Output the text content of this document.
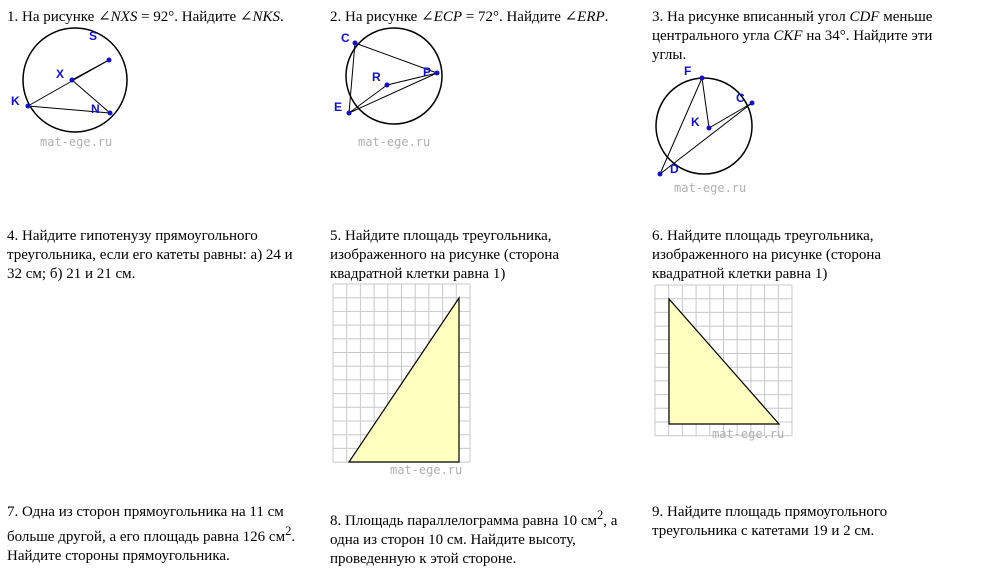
1. На рисунке ∠NXS = 92°. Найдите ∠NKS.	2. На рисунке ∠ECP = 72°. Найдите ∠ERP.	3. На рисунке вписанный угол CDF меньше центрального угла CKF на 34°. Найдите эти углы.
S
X
K
N
mat-ege.ru
C
R	P
E
mat-ege.ru
F
C
K
D
mat-ege.ru
4. Найдите гипотенузу прямоугольного треугольника, если его катеты равны: а) 24 и 32 см; б) 21 и 21 см.
5. Найдите площадь треугольника, изображенного на рисунке (сторона квадратной клетки равна 1)
6. Найдите площадь треугольника, изображенного на рисунке (сторона квадратной клетки равна 1)
mat-ege.ru
mat-ege.ru
7. Одна из сторон прямоугольника на 11 см больше другой, а его площадь равна 126 $см^2$. Найдите стороны прямоугольника.
8. Площадь параллелограмма равна 10 $см^2$, а одна из сторон 10 см. Найдите высоту, проведенную к этой стороне.
9. Найдите площадь прямоугольного треугольника с катетами 19 и 2 см.
